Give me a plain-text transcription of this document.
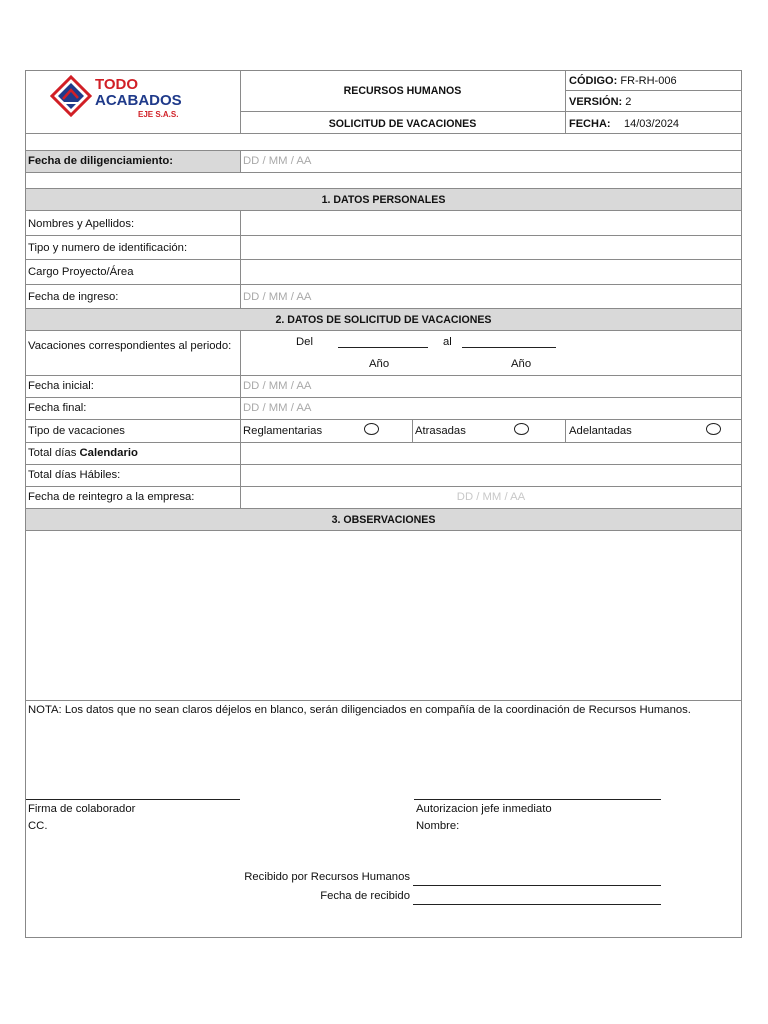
TODO
ACABADOS
EJE S.A.S.
RECURSOS HUMANOS
SOLICITUD DE VACACIONES
CÓDIGO: FR-RH-006
VERSIÓN: 2
FECHA: 14/03/2024
Fecha de diligenciamiento:	DD / MM / AA
1. DATOS PERSONALES
Nombres y Apellidos:
Tipo y numero de identificación:
Cargo Proyecto/Área
Fecha de ingreso:	DD / MM / AA
2. DATOS DE SOLICITUD DE VACACIONES
Vacaciones correspondientes al periodo:	Del	al
Año	Año
Fecha inicial:	DD / MM / AA
Fecha final:	DD / MM / AA
Tipo de vacaciones	Reglamentarias	Atrasadas	Adelantadas
Total días Calendario
Total días Hábiles:
Fecha de reintegro a la empresa:	DD / MM / AA
3. OBSERVACIONES
NOTA: Los datos que no sean claros déjelos en blanco, serán diligenciados en compañía de la coordinación de Recursos Humanos.
Firma de colaborador
CC.
Autorizacion jefe inmediato
Nombre:
Recibido por Recursos Humanos
Fecha de recibido
